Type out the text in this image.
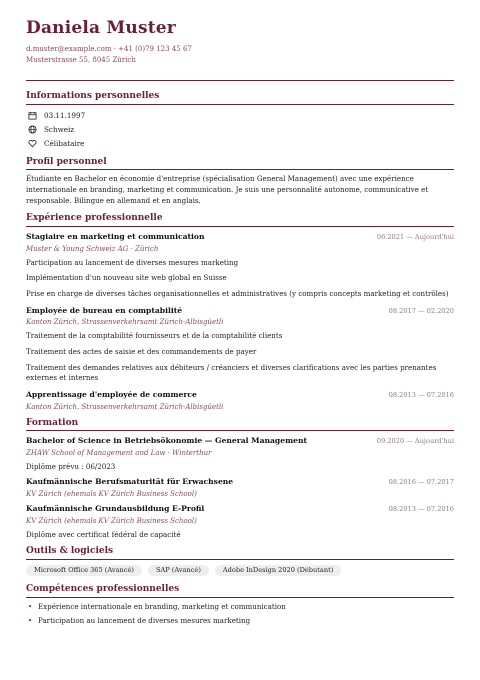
Daniela Muster
d.muster@example.com · +41 (0)79 123 45 67
Musterstrasse 55, 8045 Zürich
Informations personnelles
03.11.1997
Schweiz
Célibataire
Profil personnel
Étudiante en Bachelor en économie d'entreprise (spécialisation General Management) avec une expérience internationale en branding, marketing et communication. Je suis une personnalité autonome, communicative et responsable. Bilingue en allemand et en anglais.
Expérience professionnelle
Stagiaire en marketing et communication	06.2021 — Aujourd'hui
Muster & Young Schweiz AG · Zürich
Participation au lancement de diverses mesures marketing
Implémentation d'un nouveau site web global en Suisse
Prise en charge de diverses tâches organisationnelles et administratives (y compris concepts marketing et contrôles)
Employée de bureau en comptabilité	08.2017 — 02.2020
Kanton Zürich, Strassenverkehrsamt Zürich-Albisgüetli
Traitement de la comptabilité fournisseurs et de la comptabilité clients
Traitement des actes de saisie et des commandements de payer
Traitement des demandes relatives aux débiteurs / créanciers et diverses clarifications avec les parties prenantes externes et internes
Apprentissage d'employée de commerce	08.2013 — 07.2016
Kanton Zürich, Strassenverkehrsamt Zürich-Albisgüetli
Formation
Bachelor of Science in Betriebsökonomie — General Management	09.2020 — Aujourd'hui
ZHAW School of Management and Law · Winterthur
Diplôme prévu : 06/2023
Kaufmännische Berufsmaturität für Erwachsene	08.2016 — 07.2017
KV Zürich (ehemals KV Zürich Business School)
Kaufmännische Grundausbildung E-Profil	08.2013 — 07.2016
KV Zürich (ehemals KV Zürich Business School)
Diplôme avec certificat fédéral de capacité
Outils & logiciels
Microsoft Office 365 (Avancé)	SAP (Avancé)	Adobe InDesign 2020 (Débutant)
Compétences professionnelles
• Expérience internationale en branding, marketing et communication
• Participation au lancement de diverses mesures marketing
